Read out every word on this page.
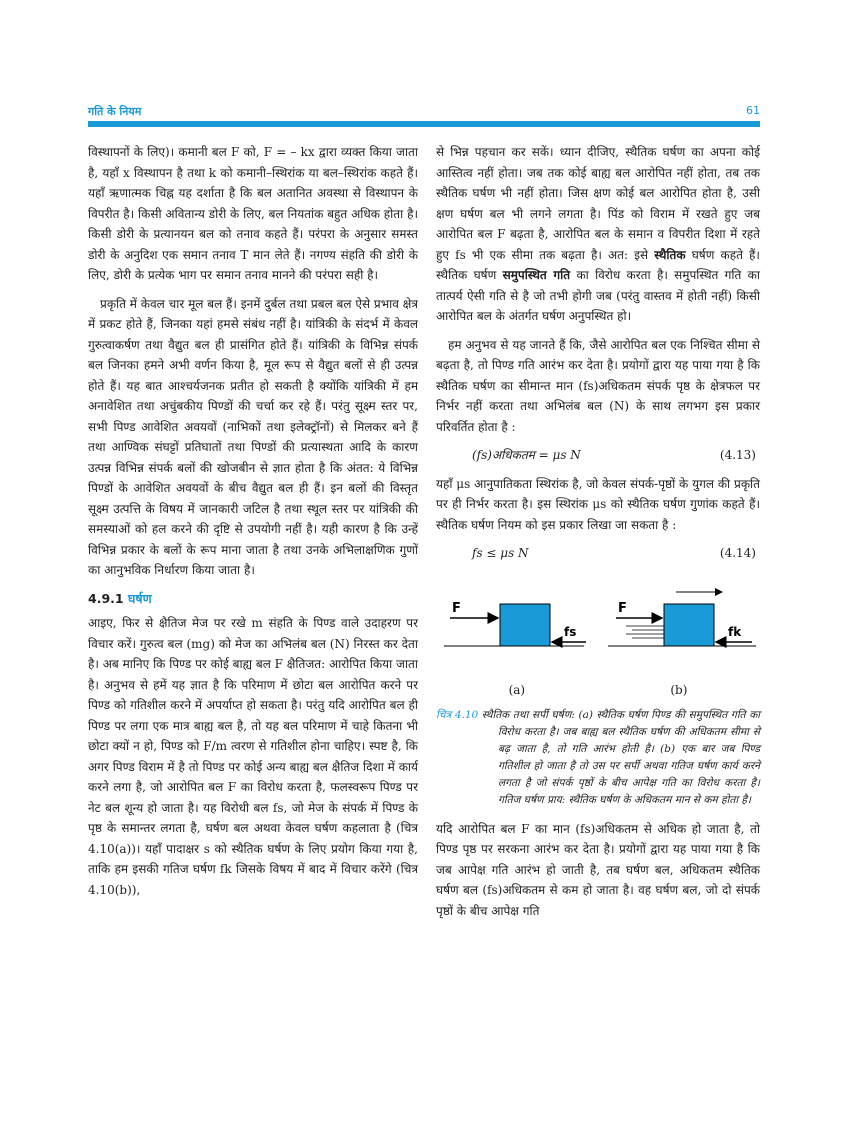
गति के नियम	61

विस्थापनों के लिए)। कमानी बल F को, F = – kx द्वारा व्यक्त किया जाता है, यहाँ x विस्थापन है तथा k को कमानी–स्थिरांक या बल–स्थिरांक कहते हैं। यहाँ ऋणात्मक चिह्न यह दर्शाता है कि बल अतानित अवस्था से विस्थापन के विपरीत है। किसी अवितान्य डोरी के लिए, बल नियतांक बहुत अधिक होता है। किसी डोरी के प्रत्यानयन बल को तनाव कहते हैं। परंपरा के अनुसार समस्त डोरी के अनुदिश एक समान तनाव T मान लेते हैं। नगण्य संहति की डोरी के लिए, डोरी के प्रत्येक भाग पर समान तनाव मानने की परंपरा सही है।

प्रकृति में केवल चार मूल बल हैं। इनमें दुर्बल तथा प्रबल बल ऐसे प्रभाव क्षेत्र में प्रकट होते हैं, जिनका यहां हमसे संबंध नहीं है। यांत्रिकी के संदर्भ में केवल गुरुत्वाकर्षण तथा वैद्युत बल ही प्रासंगित होते हैं। यांत्रिकी के विभिन्न संपर्क बल जिनका हमने अभी वर्णन किया है, मूल रूप से वैद्युत बलों से ही उत्पन्न होते हैं। यह बात आश्चर्यजनक प्रतीत हो सकती है क्योंकि यांत्रिकी में हम अनावेशित तथा अचुंबकीय पिण्डों की चर्चा कर रहे हैं। परंतु सूक्ष्म स्तर पर, सभी पिण्ड आवेशित अवयवों (नाभिकों तथा इलेक्ट्रॉनों) से मिलकर बने हैं तथा आण्विक संघट्टों प्रतिघातों तथा पिण्डों की प्रत्यास्थता आदि के कारण उत्पन्न विभिन्न संपर्क बलों की खोजबीन से ज्ञात होता है कि अंतत: ये विभिन्न पिण्डों के आवेशित अवयवों के बीच वैद्युत बल ही हैं। इन बलों की विस्तृत सूक्ष्म उत्पत्ति के विषय में जानकारी जटिल है तथा स्थूल स्तर पर यांत्रिकी की समस्याओं को हल करने की दृष्टि से उपयोगी नहीं है। यही कारण है कि उन्हें विभिन्न प्रकार के बलों के रूप माना जाता है तथा उनके अभिलाक्षणिक गुणों का आनुभविक निर्धारण किया जाता है।

4.9.1 घर्षण

आइए, फिर से क्षैतिज मेज पर रखे m संहति के पिण्ड वाले उदाहरण पर विचार करें। गुरुत्व बल (mg) को मेज का अभिलंब बल (N) निरस्त कर देता है। अब मानिए कि पिण्ड पर कोई बाह्य बल F क्षैतिजत: आरोपित किया जाता है। अनुभव से हमें यह ज्ञात है कि परिमाण में छोटा बल आरोपित करने पर पिण्ड को गतिशील करने में अपर्याप्त हो सकता है। परंतु यदि आरोपित बल ही पिण्ड पर लगा एक मात्र बाह्य बल है, तो यह बल परिमाण में चाहे कितना भी छोटा क्यों न हो, पिण्ड को F/m त्वरण से गतिशील होना चाहिए। स्पष्ट है, कि अगर पिण्ड विराम में है तो पिण्ड पर कोई अन्य बाह्य बल क्षैतिज दिशा में कार्य करने लगा है, जो आरोपित बल F का विरोध करता है, फलस्वरूप पिण्ड पर नेट बल शून्य हो जाता है। यह विरोधी बल fs, जो मेज के संपर्क में पिण्ड के पृष्ठ के समान्तर लगता है, घर्षण बल अथवा केवल घर्षण कहलाता है (चित्र 4.10(a))। यहाँ पादाक्षर s को स्थैतिक घर्षण के लिए प्रयोग किया गया है, ताकि हम इसकी गतिज घर्षण fk जिसके विषय में बाद में विचार करेंगे (चित्र 4.10(b)),

से भिन्न पहचान कर सकें। ध्यान दीजिए, स्थैतिक घर्षण का अपना कोई आस्तित्व नहीं होता। जब तक कोई बाह्य बल आरोपित नहीं होता, तब तक स्थैतिक घर्षण भी नहीं होता। जिस क्षण कोई बल आरोपित होता है, उसी क्षण घर्षण बल भी लगने लगता है। पिंड को विराम में रखते हुए जब आरोपित बल F बढ़ता है, आरोपित बल के समान व विपरीत दिशा में रहते हुए fs भी एक सीमा तक बढ़ता है। अत: इसे स्थैतिक घर्षण कहते हैं। स्थैतिक घर्षण समुपस्थित गति का विरोध करता है। समुपस्थित गति का तात्पर्य ऐसी गति से है जो तभी होगी जब (परंतु वास्तव में होती नहीं) किसी आरोपित बल के अंतर्गत घर्षण अनुपस्थित हो।

हम अनुभव से यह जानते हैं कि, जैसे आरोपित बल एक निश्चित सीमा से बढ़ता है, तो पिण्ड गति आरंभ कर देता है। प्रयोगों द्वारा यह पाया गया है कि स्थैतिक घर्षण का सीमान्त मान (fs)अधिकतम संपर्क पृष्ठ के क्षेत्रफल पर निर्भर नहीं करता तथा अभिलंब बल (N) के साथ लगभग इस प्रकार परिवर्तित होता है :

(fs)अधिकतम = μs N	(4.13)

यहाँ μs आनुपातिकता स्थिरांक है, जो केवल संपर्क-पृष्ठों के युगल की प्रकृति पर ही निर्भर करता है। इस स्थिरांक μs को स्थैतिक घर्षण गुणांक कहते हैं। स्थैतिक घर्षण नियम को इस प्रकार लिखा जा सकता है :

fs ≤ μs N	(4.14)
F
fs
F
fk
(a)	(b)
चित्र 4.10 स्थैतिक तथा सर्पी घर्षण: (a) स्थैतिक घर्षण पिण्ड की समुपस्थित गति का विरोध करता है। जब बाह्य बल स्थैतिक घर्षण की अधिकतम सीमा से बढ़ जाता है, तो गति आरंभ होती है। (b) एक बार जब पिण्ड गतिशील हो जाता है तो उस पर सर्पी अथवा गतिज घर्षण कार्य करने लगता है जो संपर्क पृष्ठों के बीच आपेक्ष गति का विरोध करता है। गतिज घर्षण प्राय: स्थैतिक घर्षण के अधिकतम मान से कम होता है।

यदि आरोपित बल F का मान (fs)अधिकतम से अधिक हो जाता है, तो पिण्ड पृष्ठ पर सरकना आरंभ कर देता है। प्रयोगों द्वारा यह पाया गया है कि जब आपेक्ष गति आरंभ हो जाती है, तब घर्षण बल, अधिकतम स्थैतिक घर्षण बल (fs)अधिकतम से कम हो जाता है। वह घर्षण बल, जो दो संपर्क पृष्ठों के बीच आपेक्ष गति
